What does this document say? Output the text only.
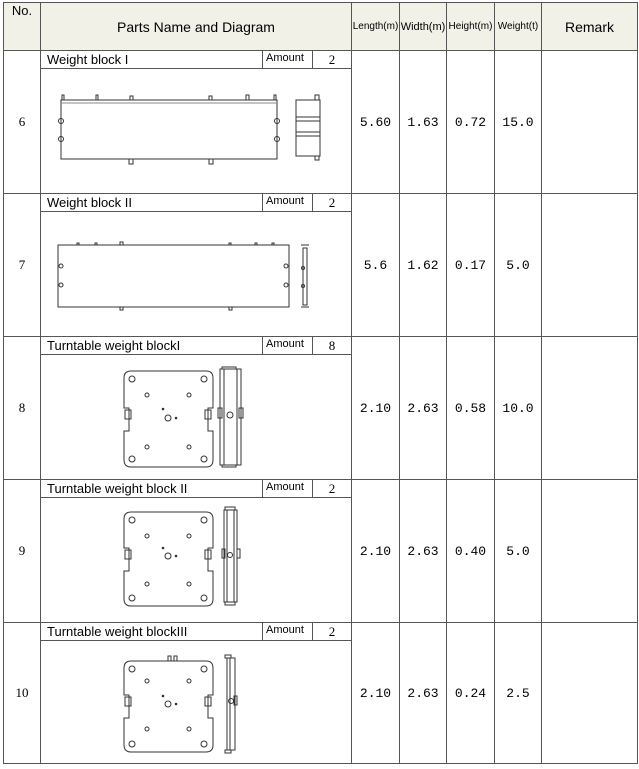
No.	Parts Name and Diagram	Length(m)	Width(m)	Height(m)	Weight(t)	Remark
6	Weight block I Amount 2	5.60	1.63	0.72	15.0	
7	Weight block II Amount 2	5.6	1.62	0.17	5.0	
8	Turntable weight blockI Amount 8	2.10	2.63	0.58	10.0	
9	Turntable weight block II Amount 2	2.10	2.63	0.40	5.0	
10	Turntable weight blockIII Amount 2	2.10	2.63	0.24	2.5	
